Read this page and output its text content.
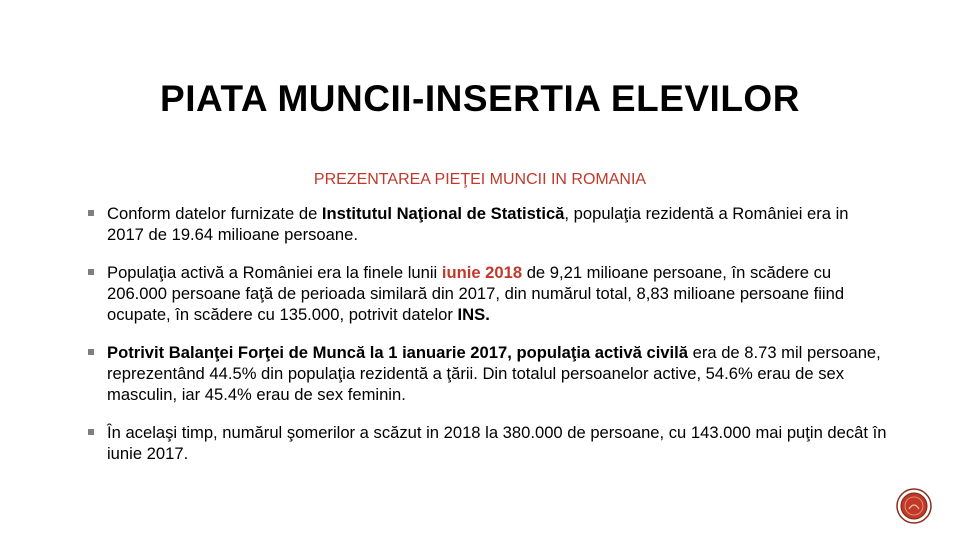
PIATA MUNCII-INSERTIA ELEVILOR
PREZENTAREA PIEŢEI MUNCII IN ROMANIA
Conform datelor furnizate de Institutul Naţional de Statistică, populaţia rezidentă a României era in 2017 de 19.64 milioane persoane.
Populaţia activă a României era la finele lunii iunie 2018 de 9,21 milioane persoane, în scădere cu 206.000 persoane faţă de perioada similară din 2017, din numărul total, 8,83 milioane persoane fiind ocupate, în scădere cu 135.000, potrivit datelor INS.
Potrivit Balanţei Forţei de Muncă la 1 ianuarie 2017, populaţia activă civilă era de 8.73 mil persoane, reprezentând 44.5% din populaţia rezidentă a ţării. Din totalul persoanelor active, 54.6% erau de sex masculin, iar 45.4% erau de sex feminin.
În acelaşi timp, numărul şomerilor a scăzut in 2018 la 380.000 de persoane, cu 143.000 mai puţin decât în iunie 2017.
